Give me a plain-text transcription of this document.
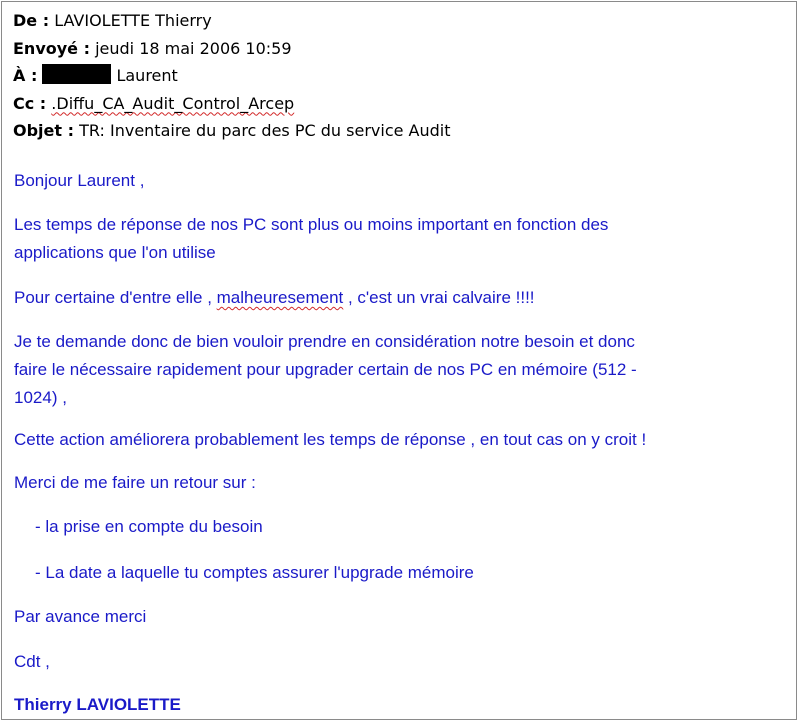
De : LAVIOLETTE Thierry
Envoyé : jeudi 18 mai 2006 10:59
À :	Laurent
Cc : .Diffu_CA_Audit_Control_Arcep
Objet : TR: Inventaire du parc des PC du service Audit
Bonjour Laurent ,
Les temps de réponse de nos PC sont plus ou moins important en fonction des
applications que l'on utilise
Pour certaine d'entre elle , malheuresement , c'est un vrai calvaire !!!!
Je te demande donc de bien vouloir prendre en considération notre besoin et donc
faire le nécessaire rapidement pour upgrader certain de nos PC en mémoire (512 -
1024) ,
Cette action améliorera probablement les temps de réponse , en tout cas on y croit !
Merci de me faire un retour sur :
- la prise en compte du besoin
- La date a laquelle tu comptes assurer l'upgrade mémoire
Par avance merci
Cdt ,
Thierry LAVIOLETTE
